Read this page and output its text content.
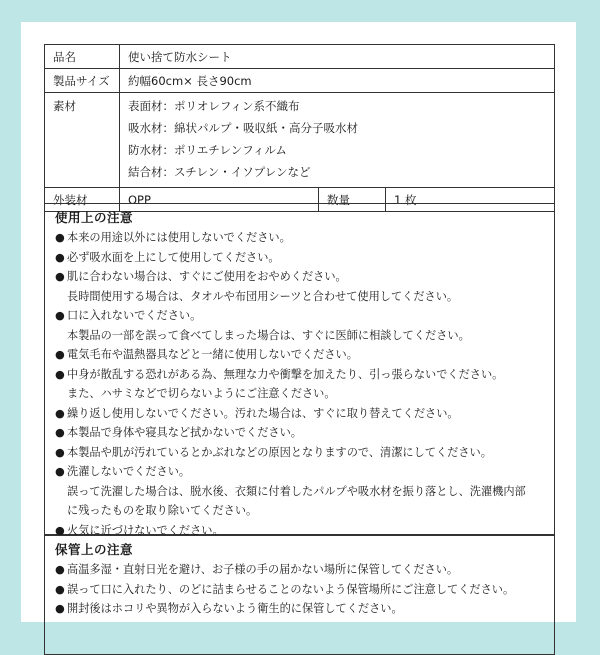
品名	使い捨て防水シート		
製品サイズ	約幅60cm× 長さ90cm		
素材	表面材：ポリオレフィン系不織布
吸水材：綿状パルプ・吸収紙・高分子吸水材
防水材：ポリエチレンフィルム
結合材：スチレン・イソプレンなど		

外装材	OPP	数量	1 枚
使用上の注意
● 本来の用途以外には使用しないでください。
● 必ず吸水面を上にして使用してください。
● 肌に合わない場合は、すぐにご使用をおやめください。
長時間使用する場合は、タオルや布団用シーツと合わせて使用してください。
● 口に入れないでください。
本製品の一部を誤って食べてしまった場合は、すぐに医師に相談してください。
● 電気毛布や温熱器具などと一緒に使用しないでください。
● 中身が散乱する恐れがある為、無理な力や衝撃を加えたり、引っ張らないでください。
また、ハサミなどで切らないようにご注意ください。
● 繰り返し使用しないでください。汚れた場合は、すぐに取り替えてください。
● 本製品で身体や寝具など拭かないでください。
● 本製品や肌が汚れているとかぶれなどの原因となりますので、清潔にしてください。
● 洗濯しないでください。
誤って洗濯した場合は、脱水後、衣類に付着したパルプや吸水材を振り落とし、洗濯機内部
に残ったものを取り除いてください。
● 火気に近づけないでください。
保管上の注意
● 高温多湿・直射日光を避け、お子様の手の届かない場所に保管してください。
● 誤って口に入れたり、のどに詰まらせることのないよう保管場所にご注意してください。
● 開封後はホコリや異物が入らないよう衛生的に保管してください。
